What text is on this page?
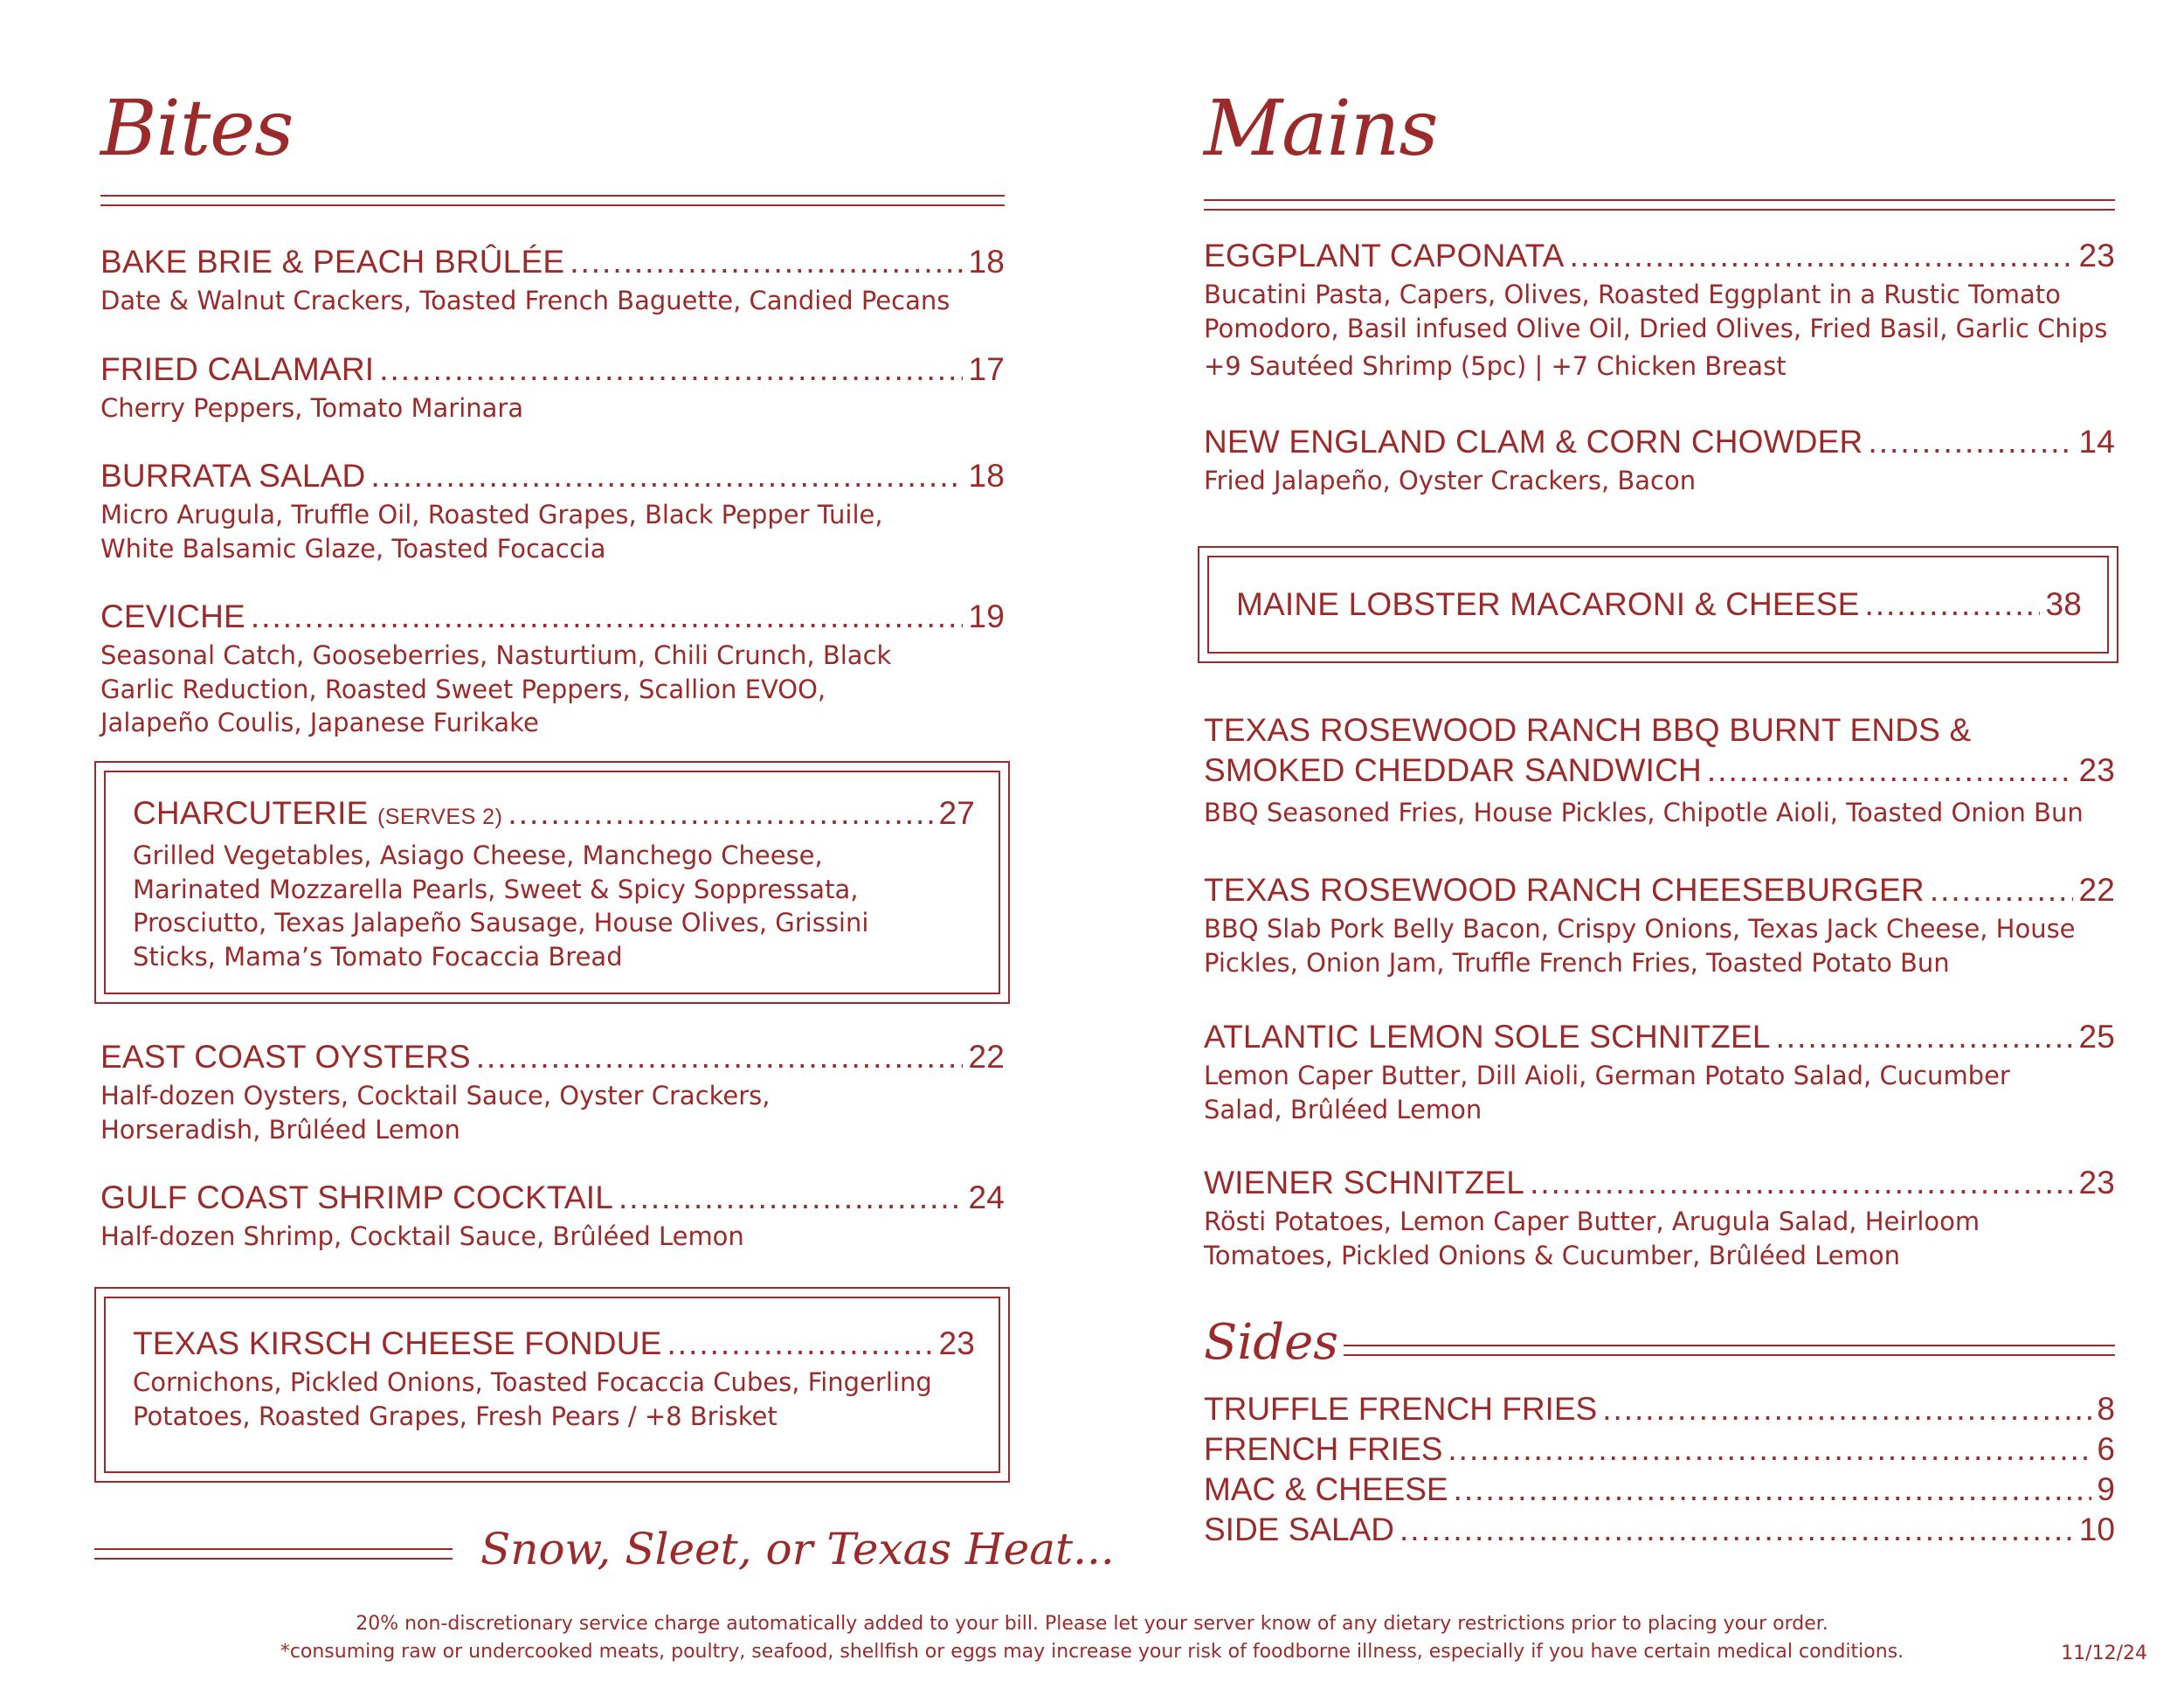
Bites
BAKE BRIE & PEACH BRÛLÉE .....	18
Date & Walnut Crackers, Toasted French Baguette, Candied Pecans
FRIED CALAMARI .....	17
Cherry Peppers, Tomato Marinara
BURRATA SALAD .....	18
Micro Arugula, Truffle Oil, Roasted Grapes, Black Pepper Tuile, White Balsamic Glaze, Toasted Focaccia
CEVICHE .....	19
Seasonal Catch, Gooseberries, Nasturtium, Chili Crunch, Black Garlic Reduction, Roasted Sweet Peppers, Scallion EVOO, Jalapeño Coulis, Japanese Furikake
CHARCUTERIE (SERVES 2) .....	27
Grilled Vegetables, Asiago Cheese, Manchego Cheese, Marinated Mozzarella Pearls, Sweet & Spicy Soppressata, Prosciutto, Texas Jalapeño Sausage, House Olives, Grissini Sticks, Mama’s Tomato Focaccia Bread
EAST COAST OYSTERS .....	22
Half-dozen Oysters, Cocktail Sauce, Oyster Crackers, Horseradish, Brûléed Lemon
GULF COAST SHRIMP COCKTAIL .....	24
Half-dozen Shrimp, Cocktail Sauce, Brûléed Lemon
TEXAS KIRSCH CHEESE FONDUE .....	23
Cornichons, Pickled Onions, Toasted Focaccia Cubes, Fingerling Potatoes, Roasted Grapes, Fresh Pears / +8 Brisket
Snow, Sleet, or Texas Heat...
Mains
EGGPLANT CAPONATA .....	23
Bucatini Pasta, Capers, Olives, Roasted Eggplant in a Rustic Tomato Pomodoro, Basil infused Olive Oil, Dried Olives, Fried Basil, Garlic Chips
+9 Sautéed Shrimp (5pc) | +7 Chicken Breast
NEW ENGLAND CLAM & CORN CHOWDER .....	14
Fried Jalapeño, Oyster Crackers, Bacon
MAINE LOBSTER MACARONI & CHEESE .....	38
TEXAS ROSEWOOD RANCH BBQ BURNT ENDS &
SMOKED CHEDDAR SANDWICH .....	23
BBQ Seasoned Fries, House Pickles, Chipotle Aioli, Toasted Onion Bun
TEXAS ROSEWOOD RANCH CHEESEBURGER .....	22
BBQ Slab Pork Belly Bacon, Crispy Onions, Texas Jack Cheese, House Pickles, Onion Jam, Truffle French Fries, Toasted Potato Bun
ATLANTIC LEMON SOLE SCHNITZEL .....	25
Lemon Caper Butter, Dill Aioli, German Potato Salad, Cucumber Salad, Brûléed Lemon
WIENER SCHNITZEL .....	23
Rösti Potatoes, Lemon Caper Butter, Arugula Salad, Heirloom Tomatoes, Pickled Onions & Cucumber, Brûléed Lemon
Sides
TRUFFLE FRENCH FRIES .....	8
FRENCH FRIES .....	6
MAC & CHEESE .....	9
SIDE SALAD .....	10
20% non-discretionary service charge automatically added to your bill. Please let your server know of any dietary restrictions prior to placing your order.
*consuming raw or undercooked meats, poultry, seafood, shellfish or eggs may increase your risk of foodborne illness, especially if you have certain medical conditions.	11/12/24
